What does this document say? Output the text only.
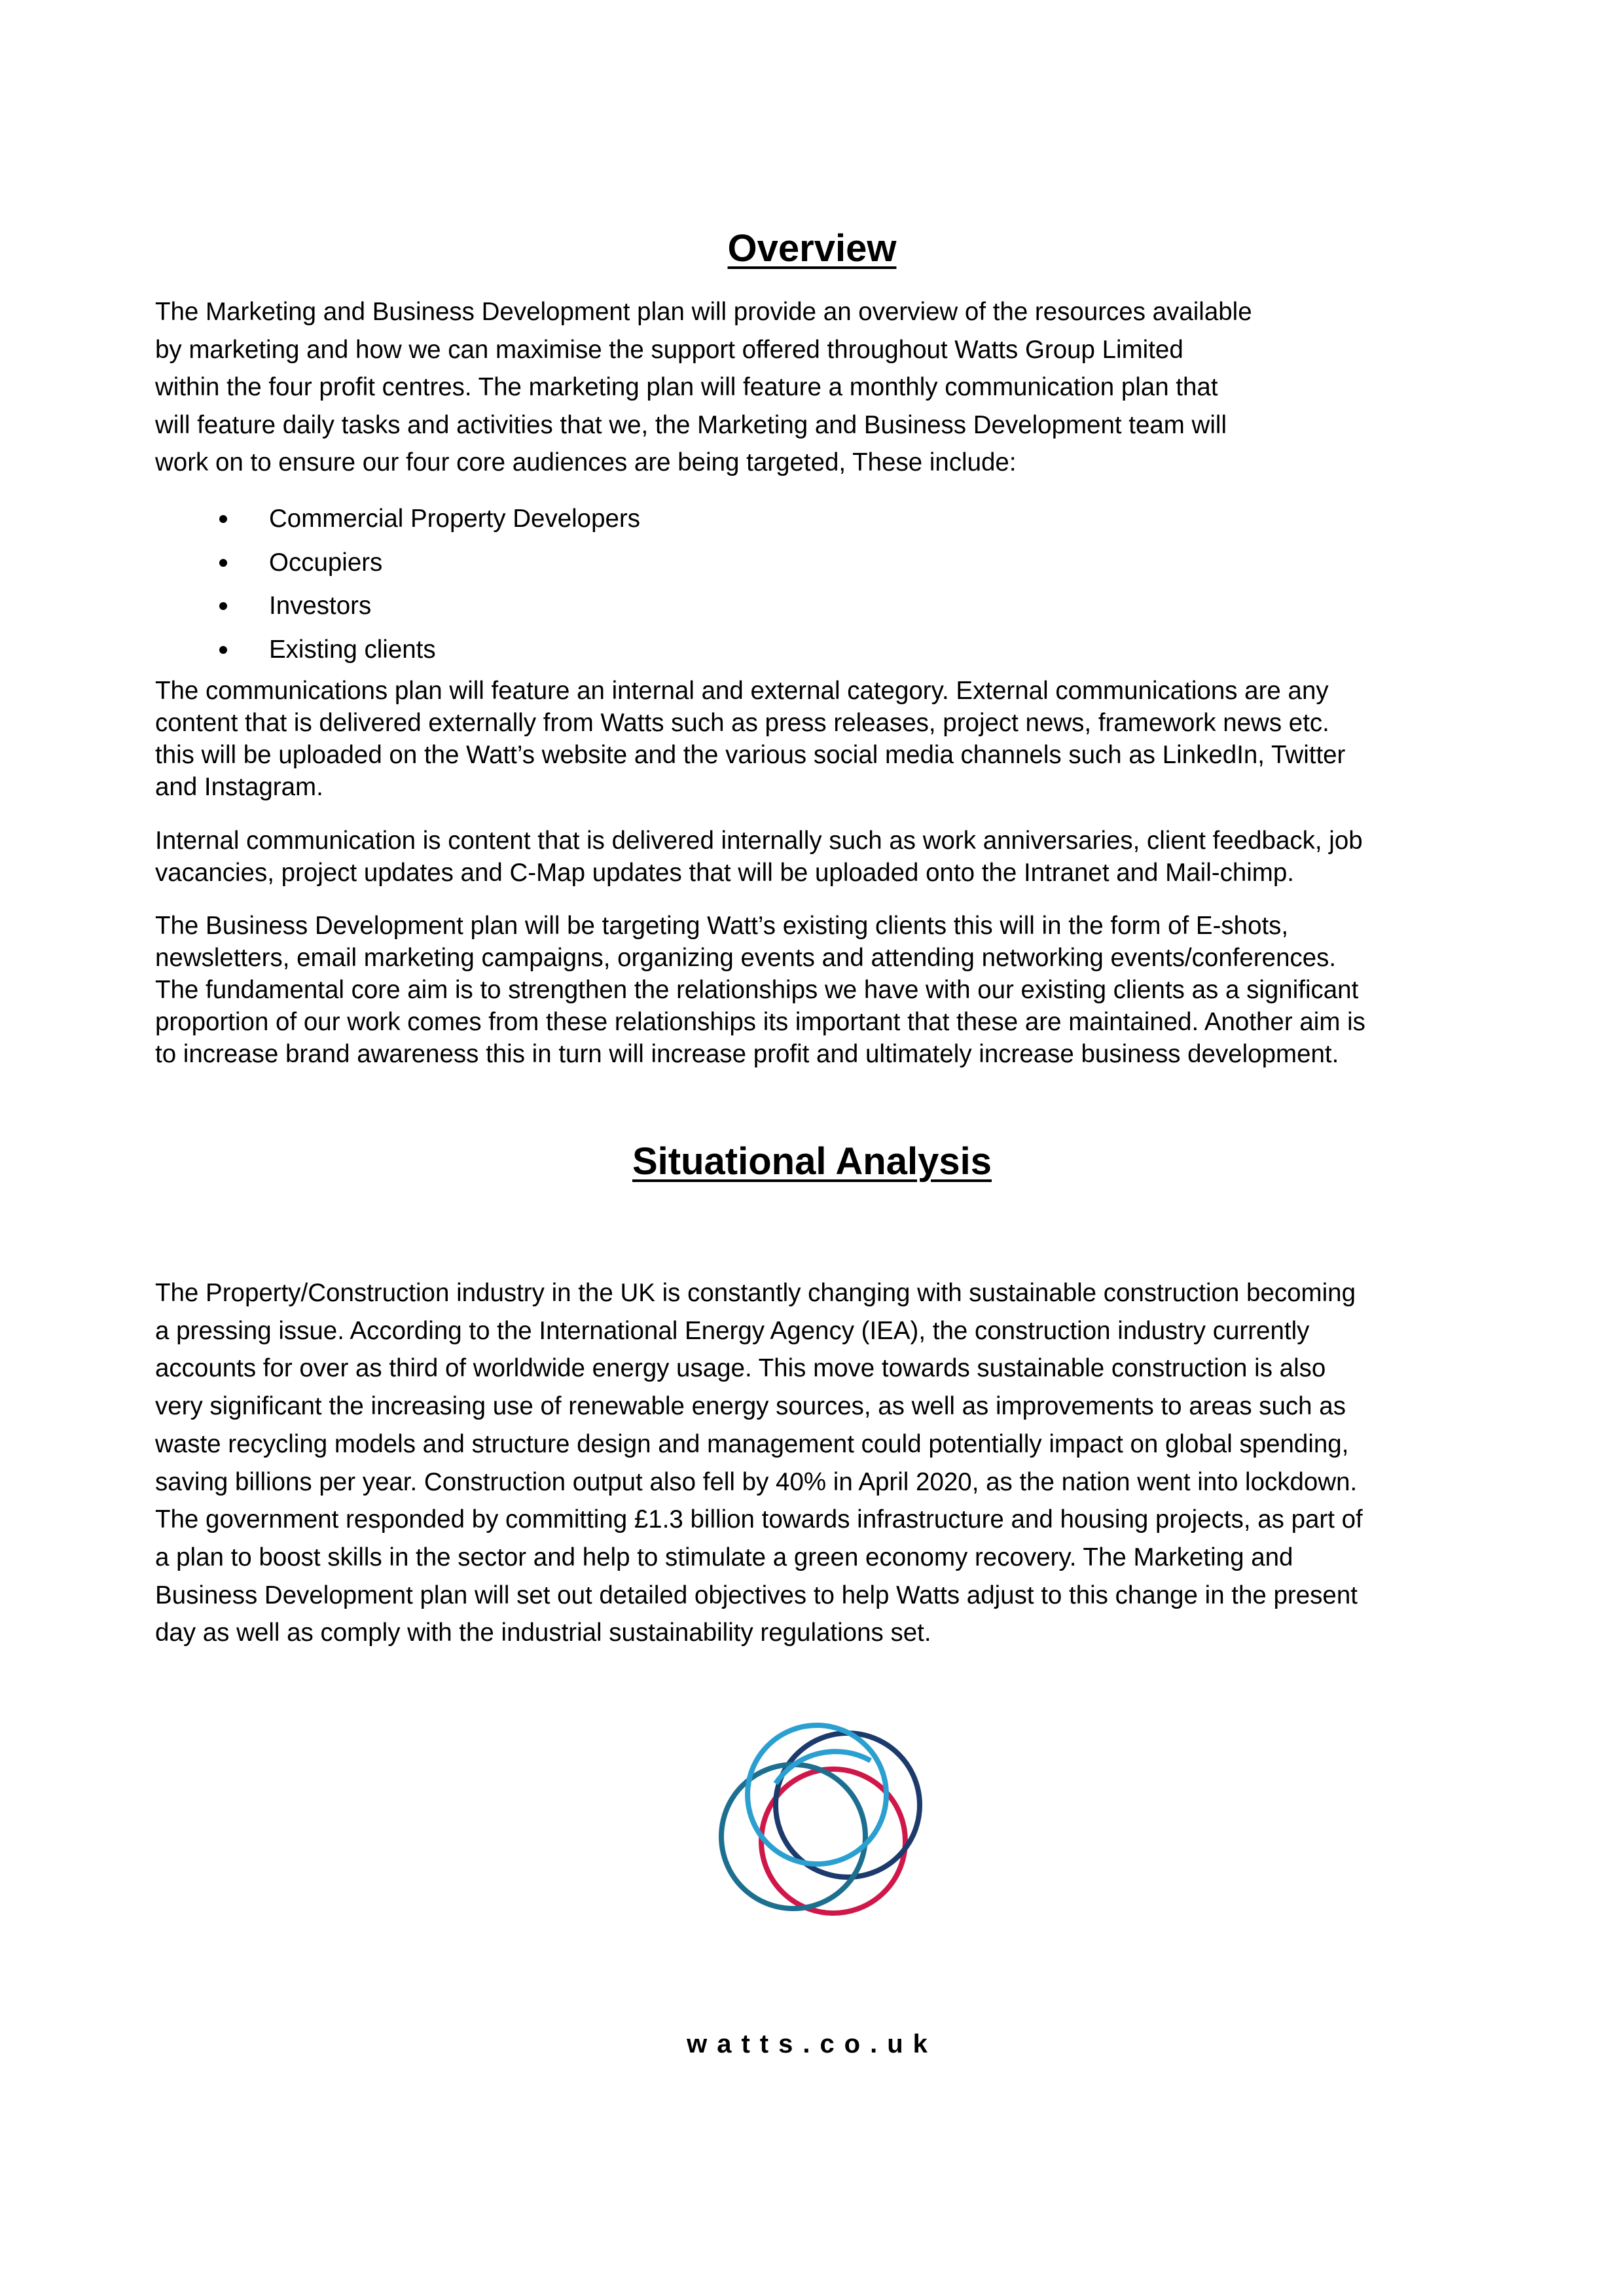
Overview

The Marketing and Business Development plan will provide an overview of the resources available
by marketing and how we can maximise the support offered throughout Watts Group Limited
within the four profit centres. The marketing plan will feature a monthly communication plan that
will feature daily tasks and activities that we, the Marketing and Business Development team will
work on to ensure our four core audiences are being targeted, These include:

Commercial Property Developers
Occupiers
Investors
Existing clients

The communications plan will feature an internal and external category. External communications are any
content that is delivered externally from Watts such as press releases, project news, framework news etc.
this will be uploaded on the Watt’s website and the various social media channels such as LinkedIn, Twitter
and Instagram.

Internal communication is content that is delivered internally such as work anniversaries, client feedback, job
vacancies, project updates and C-Map updates that will be uploaded onto the Intranet and Mail-chimp.

The Business Development plan will be targeting Watt’s existing clients this will in the form of E-shots,
newsletters, email marketing campaigns, organizing events and attending networking events/conferences.
The fundamental core aim is to strengthen the relationships we have with our existing clients as a significant
proportion of our work comes from these relationships its important that these are maintained. Another aim is
to increase brand awareness this in turn will increase profit and ultimately increase business development.

Situational Analysis

The Property/Construction industry in the UK is constantly changing with sustainable construction becoming
a pressing issue. According to the International Energy Agency (IEA), the construction industry currently
accounts for over as third of worldwide energy usage. This move towards sustainable construction is also
very significant the increasing use of renewable energy sources, as well as improvements to areas such as
waste recycling models and structure design and management could potentially impact on global spending,
saving billions per year. Construction output also fell by 40% in April 2020, as the nation went into lockdown.
The government responded by committing £1.3 billion towards infrastructure and housing projects, as part of
a plan to boost skills in the sector and help to stimulate a green economy recovery. The Marketing and
Business Development plan will set out detailed objectives to help Watts adjust to this change in the present
day as well as comply with the industrial sustainability regulations set.

watts.co.uk
